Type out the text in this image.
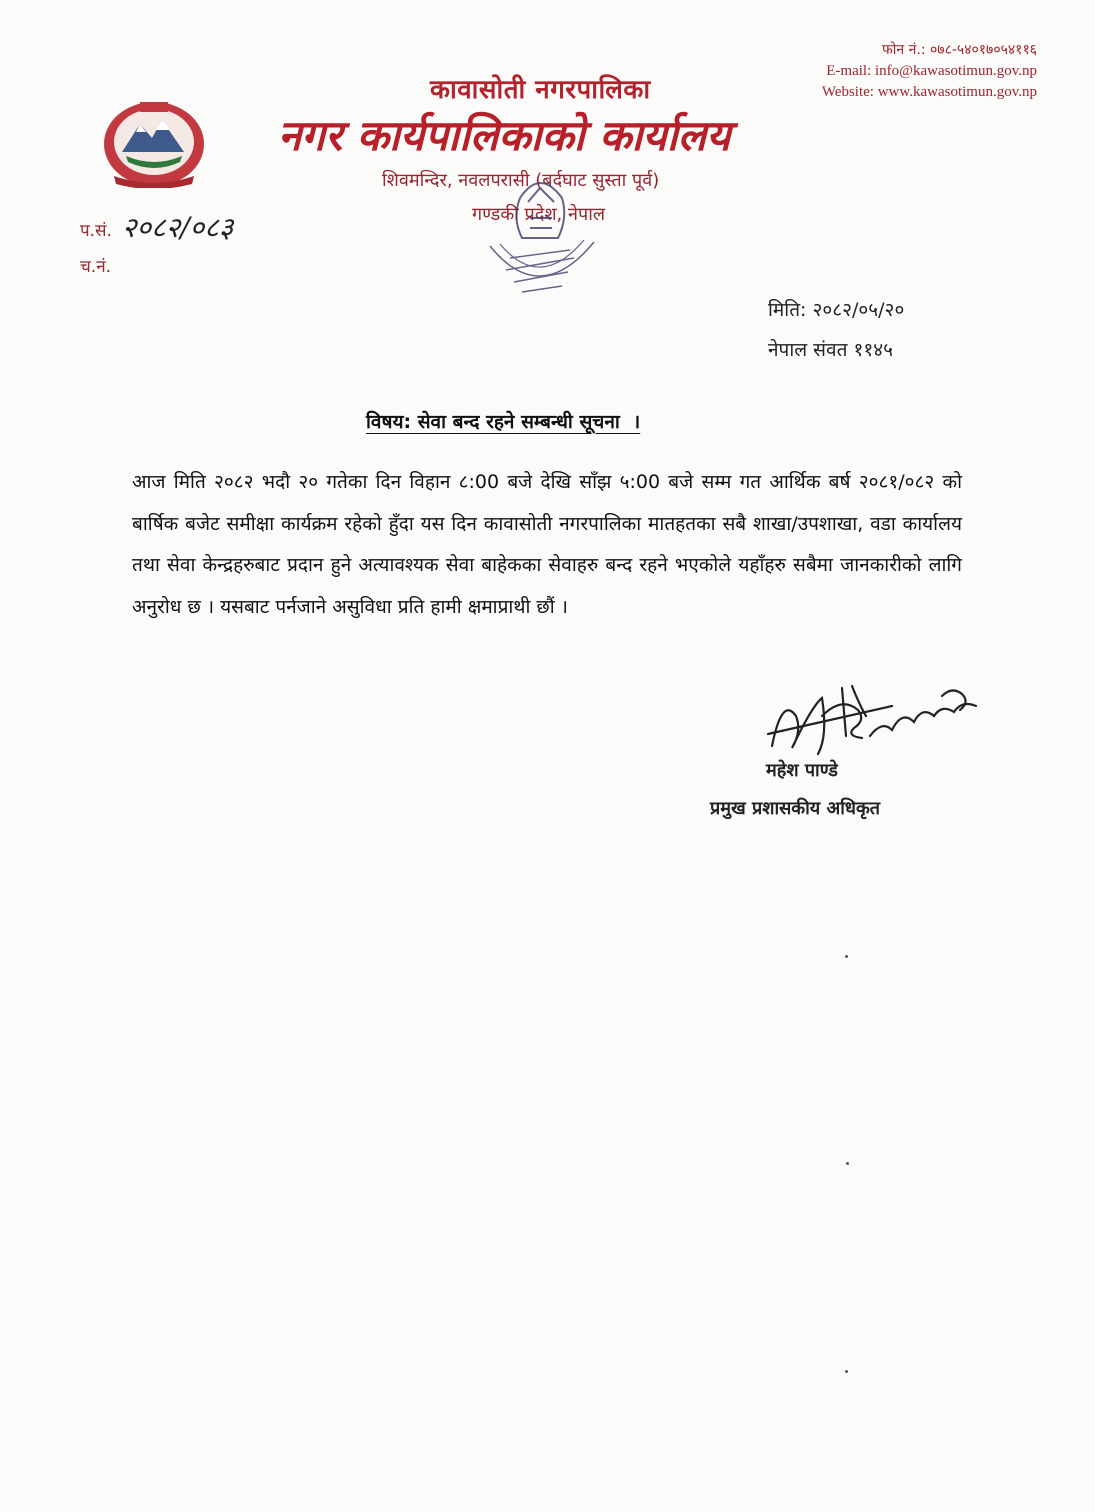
फोन नं.: ०७८-५४०१७०५४११६
E-mail: info@kawasotimun.gov.np
Website: www.kawasotimun.gov.np
कावासोती नगरपालिका
नगर कार्यपालिकाको कार्यालय
शिवमन्दिर, नवलपरासी (बर्दघाट सुस्ता पूर्व)
गण्डकी प्रदेश, नेपाल
प.सं. २०८२/०८३
च.नं.
मिति: २०८२/०५/२०
नेपाल संवत ११४५
विषय: सेवा बन्द रहने सम्बन्धी सूचना  ।
आज मिति २०८२ भदौ २० गतेका दिन विहान ८:00 बजे देखि साँझ ५:00 बजे सम्म गत आर्थिक बर्ष २०८१/०८२ को बार्षिक बजेट समीक्षा कार्यक्रम रहेको हुँदा यस दिन कावासोती नगरपालिका मातहतका सबै शाखा/उपशाखा, वडा कार्यालय तथा सेवा केन्द्रहरुबाट प्रदान हुने अत्यावश्यक सेवा बाहेकका सेवाहरु बन्द रहने भएकोले यहाँहरु सबैमा जानकारीको लागि अनुरोध छ । यसबाट पर्नजाने असुविधा प्रति हामी क्षमाप्राथी छौं ।
महेश पाण्डे
प्रमुख प्रशासकीय अधिकृत
